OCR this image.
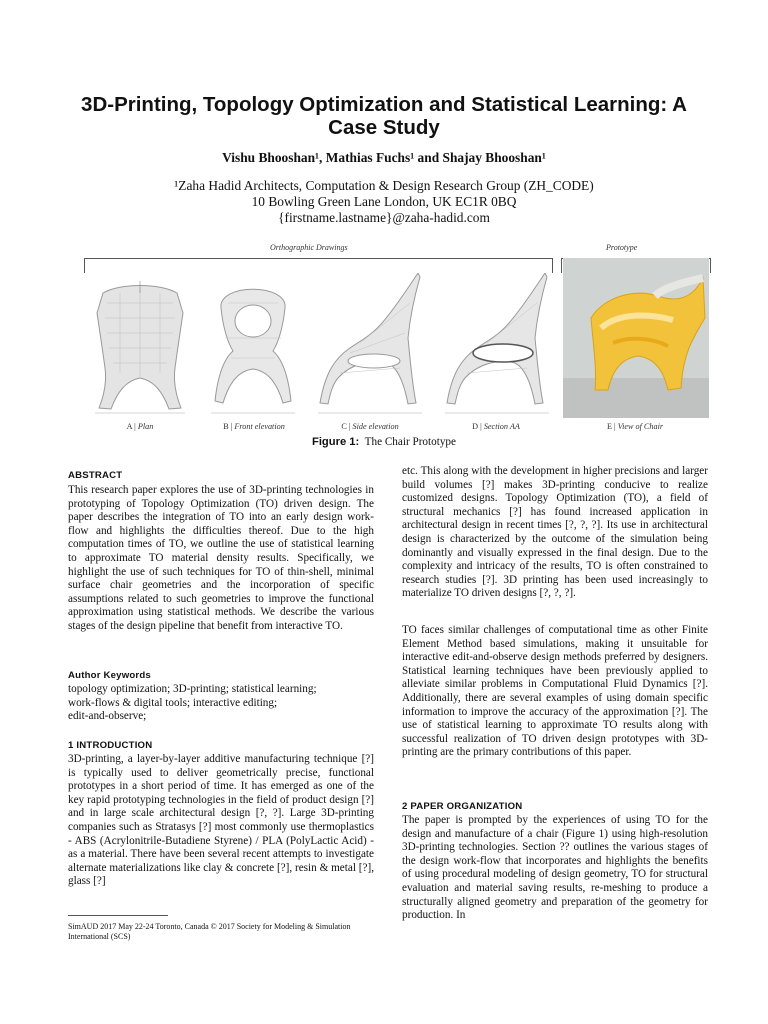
3D-Printing, Topology Optimization and Statistical Learning: A Case Study
Vishu Bhooshan¹, Mathias Fuchs¹ and Shajay Bhooshan¹
¹Zaha Hadid Architects, Computation & Design Research Group (ZH_CODE)
10 Bowling Green Lane London, UK EC1R 0BQ
{firstname.lastname}@zaha-hadid.com
Orthographic Drawings	Prototype
A | Plan	B | Front elevation	C | Side elevation	D | Section AA	E | View of Chair
Figure 1: The Chair Prototype
ABSTRACT

This research paper explores the use of 3D-printing technologies in prototyping of Topology Optimization (TO) driven design. The paper describes the integration of TO into an early design work-flow and highlights the difficulties thereof. Due to the high computation times of TO, we outline the use of statistical learning to approximate TO material density results. Specifically, we highlight the use of such techniques for TO of thin-shell, minimal surface chair geometries and the incorporation of specific assumptions related to such geometries to improve the functional approximation using statistical methods. We describe the various stages of the design pipeline that benefit from interactive TO.

Author Keywords
topology optimization; 3D-printing; statistical learning;
work-flows & digital tools; interactive editing;
edit-and-observe;
1 INTRODUCTION

3D-printing, a layer-by-layer additive manufacturing technique [?] is typically used to deliver geometrically precise, functional prototypes in a short period of time. It has emerged as one of the key rapid prototyping technologies in the field of product design [?] and in large scale architectural design [?, ?]. Large 3D-printing companies such as Stratasys [?] most commonly use thermoplastics - ABS (Acrylonitrile-Butadiene Styrene) / PLA (PolyLactic Acid) - as a material. There have been several recent attempts to investigate alternate materializations like clay & concrete [?], resin & metal [?], glass [?]

SimAUD 2017 May 22-24 Toronto, Canada © 2017 Society for Modeling & Simulation International (SCS)

etc. This along with the development in higher precisions and larger build volumes [?] makes 3D-printing conducive to realize customized designs. Topology Optimization (TO), a field of structural mechanics [?] has found increased application in architectural design in recent times [?, ?, ?]. Its use in architectural design is characterized by the outcome of the simulation being dominantly and visually expressed in the final design. Due to the complexity and intricacy of the results, TO is often constrained to research studies [?]. 3D printing has been used increasingly to materialize TO driven designs [?, ?, ?].

TO faces similar challenges of computational time as other Finite Element Method based simulations, making it unsuitable for interactive edit-and-observe design methods preferred by designers. Statistical learning techniques have been previously applied to alleviate similar problems in Computational Fluid Dynamics [?]. Additionally, there are several examples of using domain specific information to improve the accuracy of the approximation [?]. The use of statistical learning to approximate TO results along with successful realization of TO driven design prototypes with 3D-printing are the primary contributions of this paper.

2 PAPER ORGANIZATION

The paper is prompted by the experiences of using TO for the design and manufacture of a chair (Figure 1) using high-resolution 3D-printing technologies. Section ?? outlines the various stages of the design work-flow that incorporates and highlights the benefits of using procedural modeling of design geometry, TO for structural evaluation and material saving results, re-meshing to produce a structurally aligned geometry and preparation of the geometry for production. In
